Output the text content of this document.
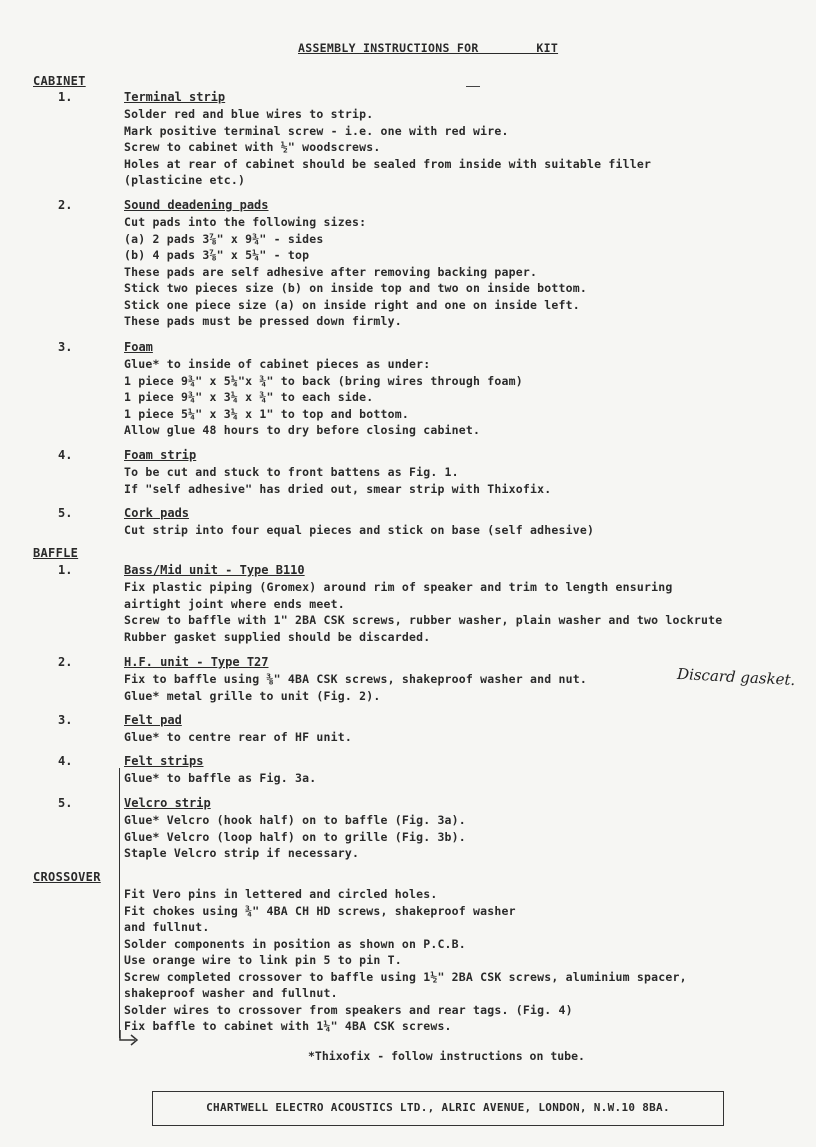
ASSEMBLY INSTRUCTIONS FOR        KIT
CABINET
1.	Terminal strip
Solder red and blue wires to strip.
Mark positive terminal screw - i.e. one with red wire.
Screw to cabinet with ½" woodscrews.
Holes at rear of cabinet should be sealed from inside with suitable filler
(plasticine etc.)
2.	Sound deadening pads
Cut pads into the following sizes:
(a) 2 pads 3⅞" x 9¾" - sides
(b) 4 pads 3⅞" x 5¼" - top
These pads are self adhesive after removing backing paper.
Stick two pieces size (b) on inside top and two on inside bottom.
Stick one piece size (a) on inside right and one on inside left.
These pads must be pressed down firmly.
3.	Foam
Glue* to inside of cabinet pieces as under:
1 piece 9¾" x 5¼"x ¾" to back (bring wires through foam)
1 piece 9¾" x 3¼ x ¾" to each side.
1 piece 5¼" x 3¼ x 1" to top and bottom.
Allow glue 48 hours to dry before closing cabinet.
4.	Foam strip
To be cut and stuck to front battens as Fig. 1.
If "self adhesive" has dried out, smear strip with Thixofix.
5.	Cork pads
Cut strip into four equal pieces and stick on base (self adhesive)
BAFFLE
1.	Bass/Mid unit - Type B110
Fix plastic piping (Gromex) around rim of speaker and trim to length ensuring
airtight joint where ends meet.
Screw to baffle with 1" 2BA CSK screws, rubber washer, plain washer and two lockrute
Rubber gasket supplied should be discarded.
2.	H.F. unit - Type T27
Fix to baffle using ⅜" 4BA CSK screws, shakeproof washer and nut.
Glue* metal grille to unit (Fig. 2).
Discard gasket.
3.	Felt pad
Glue* to centre rear of HF unit.
4.	Felt strips
Glue* to baffle as Fig. 3a.
5.	Velcro strip
Glue* Velcro (hook half) on to baffle (Fig. 3a).
Glue* Velcro (loop half) on to grille (Fig. 3b).
Staple Velcro strip if necessary.
CROSSOVER
Fit Vero pins in lettered and circled holes.
Fit chokes using ¾" 4BA CH HD screws, shakeproof washer
and fullnut.
Solder components in position as shown on P.C.B.
Use orange wire to link pin 5 to pin T.
Screw completed crossover to baffle using 1½" 2BA CSK screws, aluminium spacer,
shakeproof washer and fullnut.
Solder wires to crossover from speakers and rear tags. (Fig. 4)
Fix baffle to cabinet with 1¼" 4BA CSK screws.
*Thixofix - follow instructions on tube.
CHARTWELL ELECTRO ACOUSTICS LTD., ALRIC AVENUE, LONDON, N.W.10 8BA.
